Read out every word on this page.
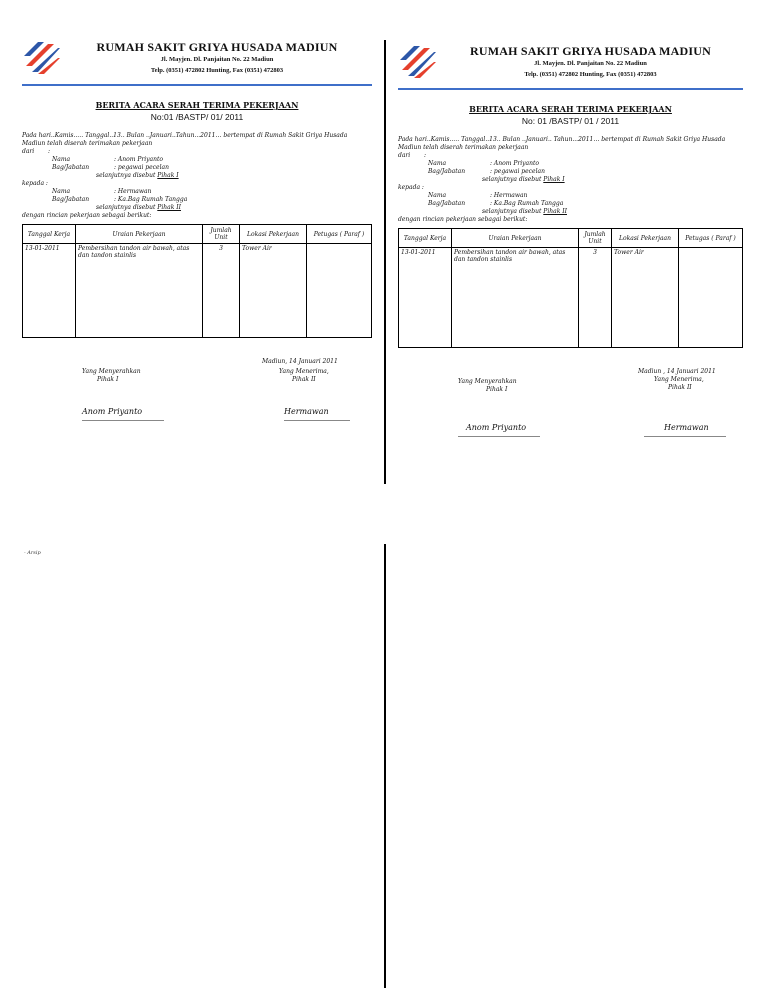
RUMAH SAKIT GRIYA HUSADA MADIUN
Jl. Mayjen. Dl. Panjaitan No. 22 Madiun
Telp. (0351) 472802 Hunting, Fax (0351) 472803
BERITA ACARA SERAH TERIMA PEKERJAAN
No:01 /BASTP/ 01/ 2011
Pada hari..Kamis..… Tanggal..13.. Bulan ..Januari..Tahun...2011… bertempat di Rumah Sakit Griya Husada Madiun telah diserah terimakan pekerjaan
dari	:
Nama	: Anom Priyanto
Bag/Jabatan	: pegawai pecelan
selanjutnya disebut Pihak I
kepada :
Nama	: Hermawan
Bag/Jabatan	: Ka.Bag Rumah Tangga
selanjutnya disebut Pihak II
dengan rincian pekerjaan sebagai berikut:
Tanggal Kerja	Uraian Pekerjaan	Jumlah Unit	Lokasi Pekerjaan	Petugas ( Paraf )
13-01-2011	Pembersihan tandon air bawah, atas dan tandon stainlis	3	Tower Air	
Madiun, 14 Januari 2011
Yang Menyerahkan
Pihak I
Yang Menerima,
Pihak II
Anom Priyanto	Hermawan
RUMAH SAKIT GRIYA HUSADA MADIUN
Jl. Mayjen. Dl. Panjaitan No. 22 Madiun
Telp. (0351) 472802 Hunting, Fax (0351) 472803
BERITA ACARA SERAH TERIMA PEKERJAAN
No: 01 /BASTP/ 01 / 2011
Pada hari..Kamis..… Tanggal..13.. Bulan ..Januari.. Tahun...2011… bertempat di Rumah Sakit Griya Husada Madiun telah diserah terimakan pekerjaan
dari	:
Nama	: Anom Priyanto
Bag/Jabatan	: pegawai pecelan
selanjutnya disebut Pihak I
kepada :
Nama	: Hermawan
Bag/Jabatan	: Ka.Bag Rumah Tangga
selanjutnya disebut Pihak II
dengan rincian pekerjaan sebagai berikut:
Tanggal Kerja	Uraian Pekerjaan	Jumlah Unit	Lokasi Pekerjaan	Petugas ( Paraf )
13-01-2011	Pembersihan tandon air bawah, atas dan tandon stainlis	3	Tower Air	
Madiun , 14 Januari 2011
Yang Menyerahkan
Pihak I
Yang Menerima,
Pihak II
Anom Priyanto	Hermawan
- Arsip
